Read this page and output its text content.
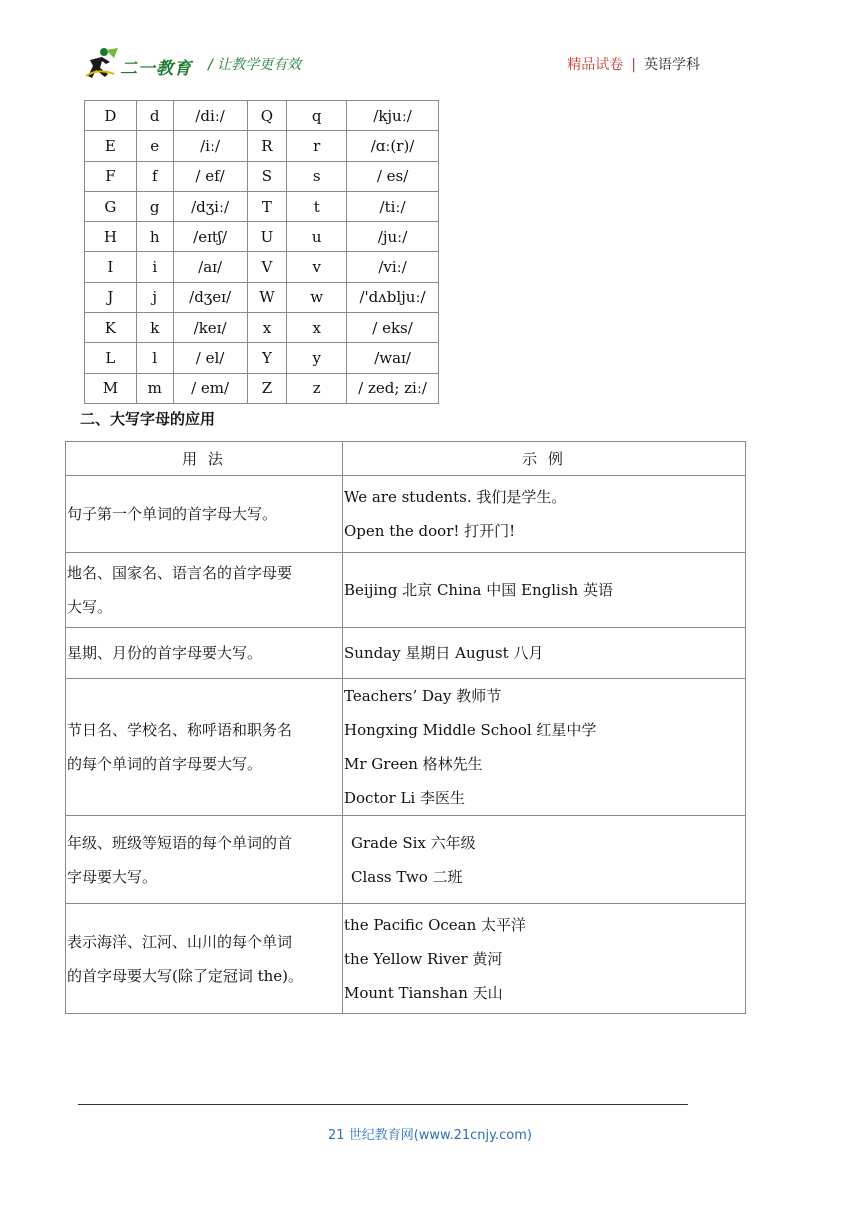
二一教育 / 让教学更有效	精品试卷 | 英语学科
D	d	/diː/	Q	q	/kjuː/
E	e	/iː/	R	r	/ɑː(r)/
F	f	/ ef/	S	s	/ es/
G	g	/dʒiː/	T	t	/tiː/
H	h	/eɪtʃ/	U	u	/juː/
I	i	/aɪ/	V	v	/viː/
J	j	/dʒeɪ/	W	w	/'dʌbljuː/
K	k	/keɪ/	x	x	/ eks/
L	l	/ el/	Y	y	/waɪ/
M	m	/ em/	Z	z	/ zed; ziː/
二、大写字母的应用
用 法	示 例

句子第一个单词的首字母大写。	We are students. 我们是学生。
Open the door! 打开门!

地名、国家名、语言名的首字母要
大写。	Beijing 北京 China 中国 English 英语

星期、月份的首字母要大写。	Sunday 星期日 August 八月

节日名、学校名、称呼语和职务名
的每个单词的首字母要大写。	Teachers’ Day 教师节
Hongxing Middle School 红星中学
Mr Green 格林先生
Doctor Li 李医生

年级、班级等短语的每个单词的首
字母要大写。	Grade Six 六年级
Class Two 二班

表示海洋、江河、山川的每个单词
的首字母要大写(除了定冠词 the)。	the Pacific Ocean 太平洋
the Yellow River 黄河
Mount Tianshan 天山
21 世纪教育网(www.21cnjy.com)
